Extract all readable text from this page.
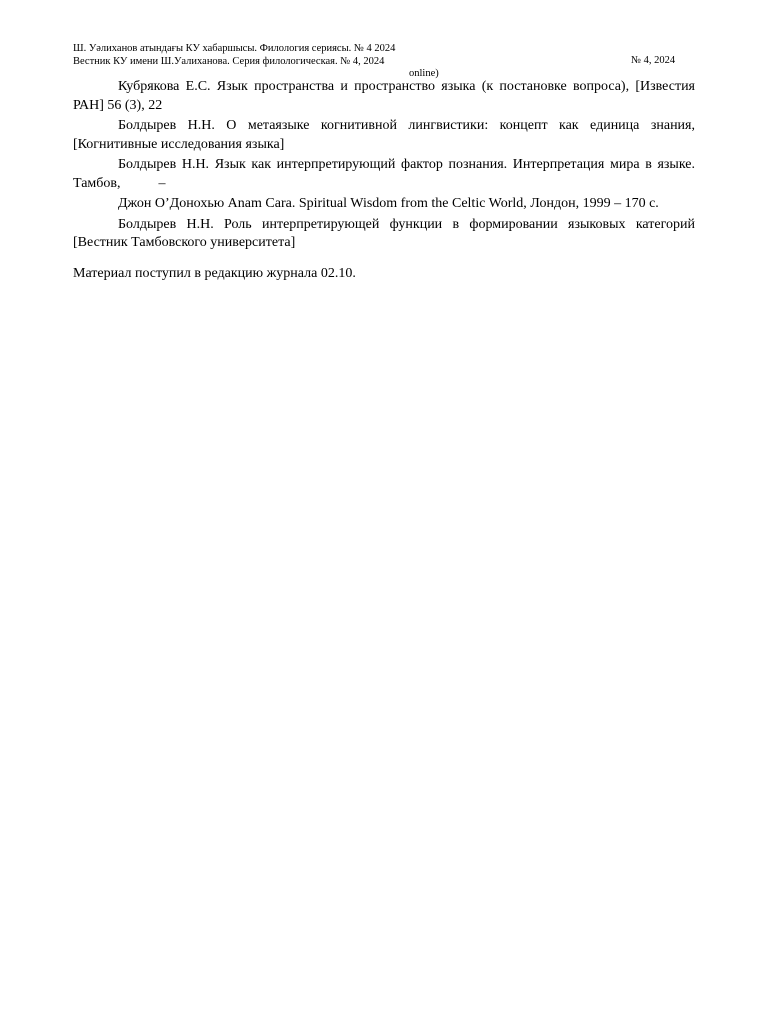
Ш. Уәлиханов атындағы КУ хабаршысы. Филология сериясы. № 4 2024
Вестник КУ имени Ш.Уалиханова. Серия филологическая. № 4, 2024	№ 4, 2024
online)

Кубрякова Е.С. Язык пространства и пространство языка (к постановке вопроса), [Известия РАН] 56 (3), 22

Болдырев Н.Н. О метаязыке когнитивной лингвистики: концепт как единица знания, [Когнитивные исследования языка]

Болдырев Н.Н. Язык как интерпретирующий фактор познания. Интерпретация мира в языке. Тамбов,	–

Джон О’Донохью Anam Cara. Spiritual Wisdom from the Celtic World, Лондон, 1999 – 170 с.

Болдырев Н.Н. Роль интерпретирующей функции в формировании языковых категорий [Вестник Тамбовского университета]

Материал поступил в редакцию журнала 02.10.
